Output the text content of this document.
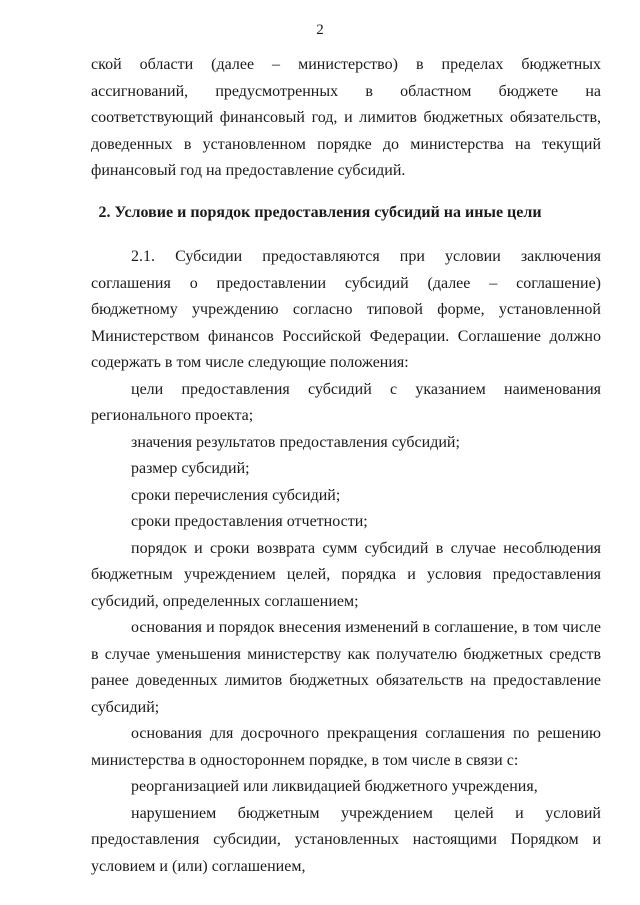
2

ской области (далее – министерство) в пределах бюджетных ассигнований, предусмотренных в областном бюджете на соответствующий финансовый год, и лимитов бюджетных обязательств, доведенных в установленном порядке до министерства на текущий финансовый год на предоставление субсидий.

2. Условие и порядок предоставления субсидий на иные цели

2.1. Субсидии предоставляются при условии заключения соглашения о предоставлении субсидий (далее – соглашение) бюджетному учреждению согласно типовой форме, установленной Министерством финансов Российской Федерации. Соглашение должно содержать в том числе следующие положения:

цели предоставления субсидий с указанием наименования регионального проекта;

значения результатов предоставления субсидий;

размер субсидий;

сроки перечисления субсидий;

сроки предоставления отчетности;

порядок и сроки возврата сумм субсидий в случае несоблюдения бюджетным учреждением целей, порядка и условия предоставления субсидий, определенных соглашением;

основания и порядок внесения изменений в соглашение, в том числе в случае уменьшения министерству как получателю бюджетных средств ранее доведенных лимитов бюджетных обязательств на предоставление субсидий;

основания для досрочного прекращения соглашения по решению министерства в одностороннем порядке, в том числе в связи с:

реорганизацией или ликвидацией бюджетного учреждения,

нарушением бюджетным учреждением целей и условий предоставления субсидии, установленных настоящими Порядком и условием и (или) соглашением,
